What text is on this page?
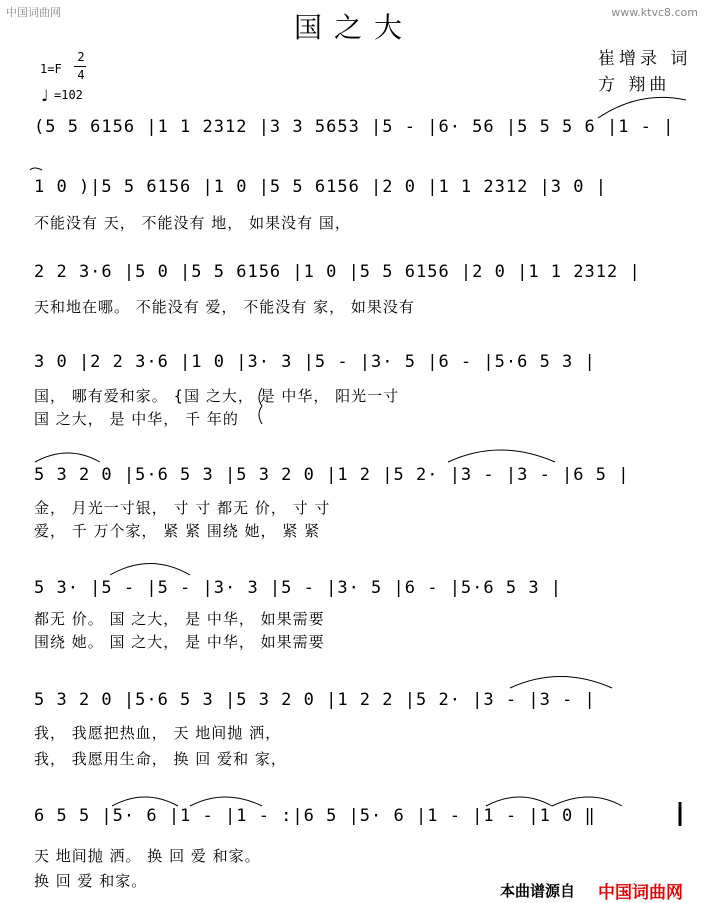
中国词曲网	www.ktvc8.com
国之大
崔增录 词
方 翔曲
1=F
2
4
♩ =102
(5 5 6156 |1 1 2312 |3 3 5653 |5 - |6· 56 |5 5 5 6 |1 - |
1 0 )|5 5 6156 |1 0 |5 5 6156 |2 0 |1 1 2312 |3 0 |
不能没有 天， 不能没有 地， 如果没有 国，
2 2 3·6 |5 0 |5 5 6156 |1 0 |5 5 6156 |2 0 |1 1 2312 |
天和地在哪。 不能没有 爱， 不能没有 家， 如果没有
3 0 |2 2 3·6 |1 0 |3· 3 |5 - |3· 5 |6 - |5·6 5 3 |
国， 哪有爱和家。 {国 之大， 是 中华， 阳光一寸
国 之大， 是 中华， 千 年的
5 3 2 0 |5·6 5 3 |5 3 2 0 |1 2 |5 2· |3 - |3 - |6 5 |
金， 月光一寸银， 寸 寸 都无 价， 寸 寸
爱， 千 万个家， 紧 紧 围绕 她， 紧 紧
5 3· |5 - |5 - |3· 3 |5 - |3· 5 |6 - |5·6 5 3 |
都无 价。 国 之大， 是 中华， 如果需要
围绕 她。 国 之大， 是 中华， 如果需要
5 3 2 0 |5·6 5 3 |5 3 2 0 |1 2 2 |5 2· |3 - |3 - |
我， 我愿把热血， 天 地间抛 洒，
我， 我愿用生命， 换 回 爱和 家，
6 5 5 |5· 6 |1 - |1 - :|6 5 |5· 6 |1 - |1 - |1 0 ‖
天 地间抛 洒。 换 回 爱 和家。
换 回 爱 和家。
本曲谱源自 中国词曲网
